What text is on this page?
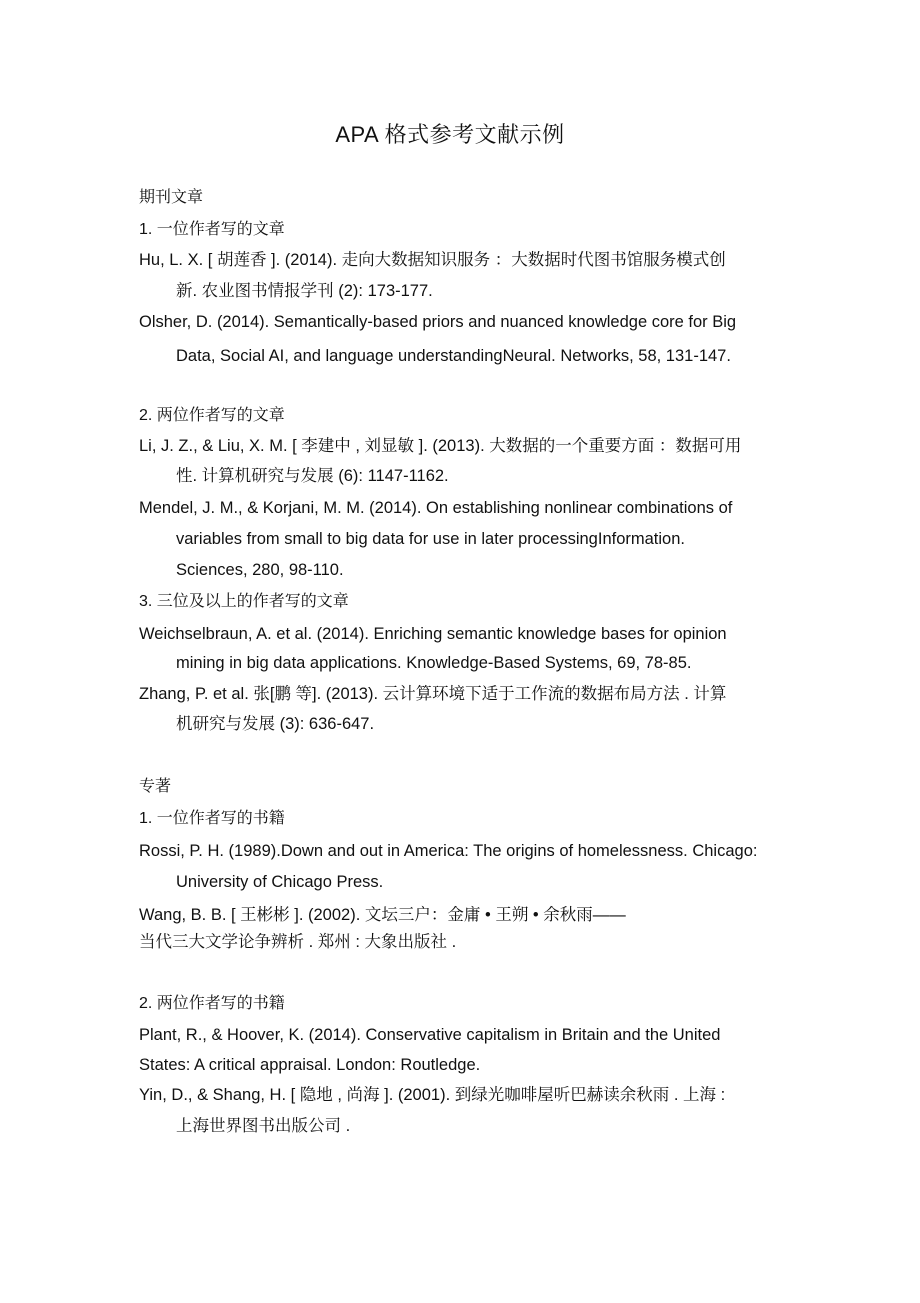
APA 格式参考文献示例
期刊文章
1. 一位作者写的文章
Hu, L. X. [ 胡莲香 ]. (2014). 走向大数据知识服务 ：大数据时代图书馆服务模式创
新. 农业图书情报学刊 (2): 173-177.
Olsher, D. (2014). Semantically-based priors and nuanced knowledge core for Big
Data, Social AI, and language understandingNeural. Networks, 58, 131-147.
2. 两位作者写的文章
Li, J. Z., & Liu, X. M. [ 李建中 , 刘显敏 ]. (2013). 大数据的一个重要方面 ：数据可用
性. 计算机研究与发展 (6): 1147-1162.
Mendel, J. M., & Korjani, M. M. (2014). On establishing nonlinear combinations of
variables from small to big data for use in later processingInformation.
Sciences, 280, 98-110.
3. 三位及以上的作者写的文章
Weichselbraun, A. et al. (2014). Enriching semantic knowledge bases for opinion
mining in big data applications. Knowledge-Based Systems, 69, 78-85.
Zhang, P. et al. 张[鹏 等]. (2013). 云计算环境下适于工作流的数据布局方法 . 计算
机研究与发展 (3): 636-647.
专著
1. 一位作者写的书籍
Rossi, P. H. (1989).Down and out in America: The origins of homelessness. Chicago:
University of Chicago Press.
Wang, B. B. [ 王彬彬 ]. (2002). 文坛三户：金庸 • 王朔 • 余秋雨——
当代三大文学论争辨析 . 郑州 : 大象出版社 .
2. 两位作者写的书籍
Plant, R., & Hoover, K. (2014). Conservative capitalism in Britain and the United
States: A critical appraisal. London: Routledge.
Yin, D., & Shang, H. [ 隐地 , 尚海 ]. (2001). 到绿光咖啡屋听巴赫读余秋雨 . 上海 :
上海世界图书出版公司 .
